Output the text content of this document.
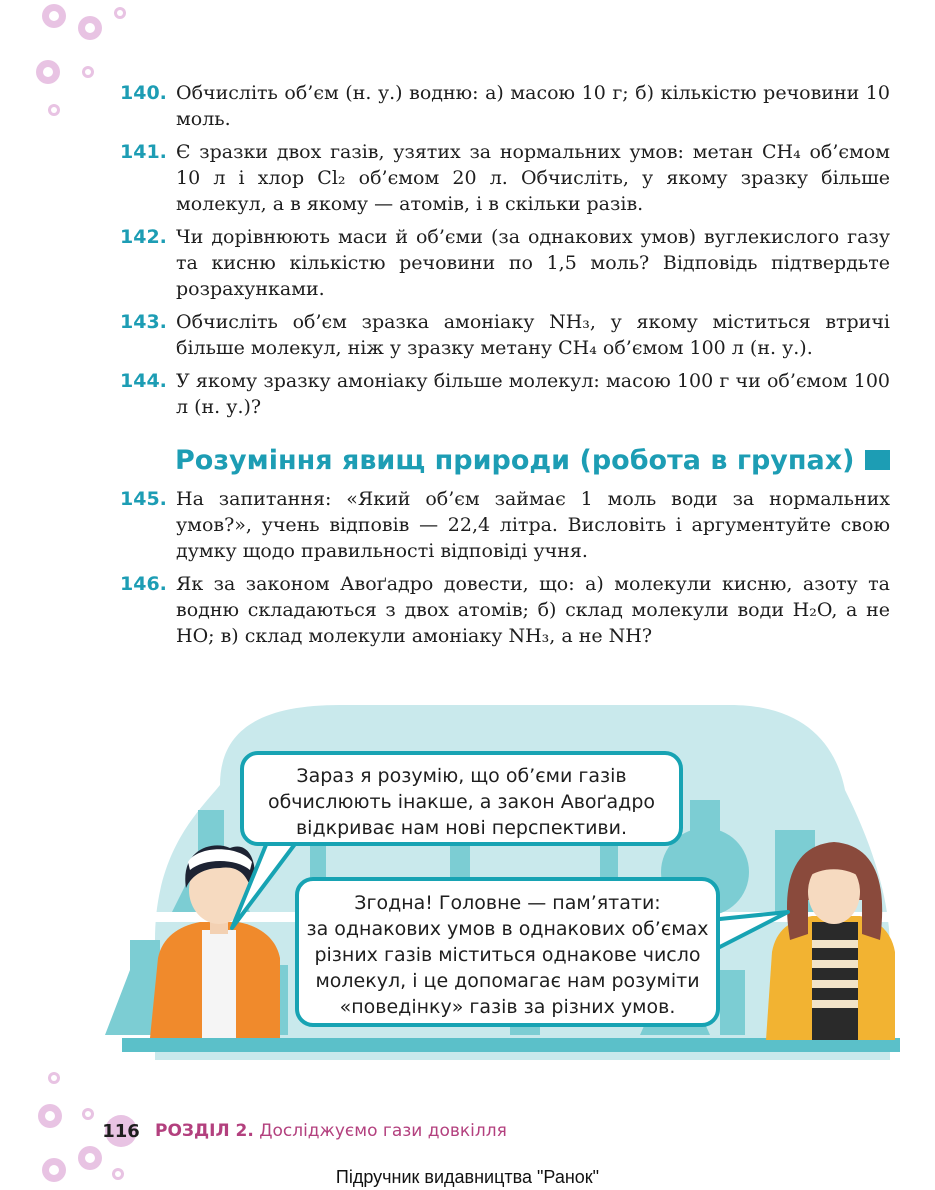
140. Обчисліть об’єм (н. у.) водню: а) масою 10 г; б) кількістю речовини 10 моль.
141. Є зразки двох газів, узятих за нормальних умов: метан CH₄ об’ємом 10 л і хлор Cl₂ об’ємом 20 л. Обчисліть, у якому зразку більше молекул, а в якому — атомів, і в скільки разів.
142. Чи дорівнюють маси й об’єми (за однакових умов) вуглекислого газу та кисню кількістю речовини по 1,5 моль? Відповідь підтвердьте розрахунками.
143. Обчисліть об’єм зразка амоніаку NH₃, у якому міститься втричі більше молекул, ніж у зразку метану CH₄ об’ємом 100 л (н. у.).
144. У якому зразку амоніаку більше молекул: масою 100 г чи об’ємом 100 л (н. у.)?
Розуміння явищ природи (робота в групах)
145. На запитання: «Який об’єм займає 1 моль води за нормальних умов?», учень відповів — 22,4 літра. Висловіть і аргументуйте свою думку щодо правильності відповіді учня.
146. Як за законом Авоґадро довести, що: а) молекули кисню, азоту та водню складаються з двох атомів; б) склад молекули води H₂O, а не HO; в) склад молекули амоніаку NH₃, а не NH?
Зараз я розумію, що об’єми газів
обчислюють інакше, а закон Авоґадро
відкриває нам нові перспективи.
Згодна! Головне — пам’ятати:
за однакових умов в однакових об’ємах
різних газів міститься однакове число
молекул, і це допомагає нам розуміти
«поведінку» газів за різних умов.
116 РОЗДІЛ 2. Досліджуємо гази довкілля
Підручник видавництва "Ранок"
